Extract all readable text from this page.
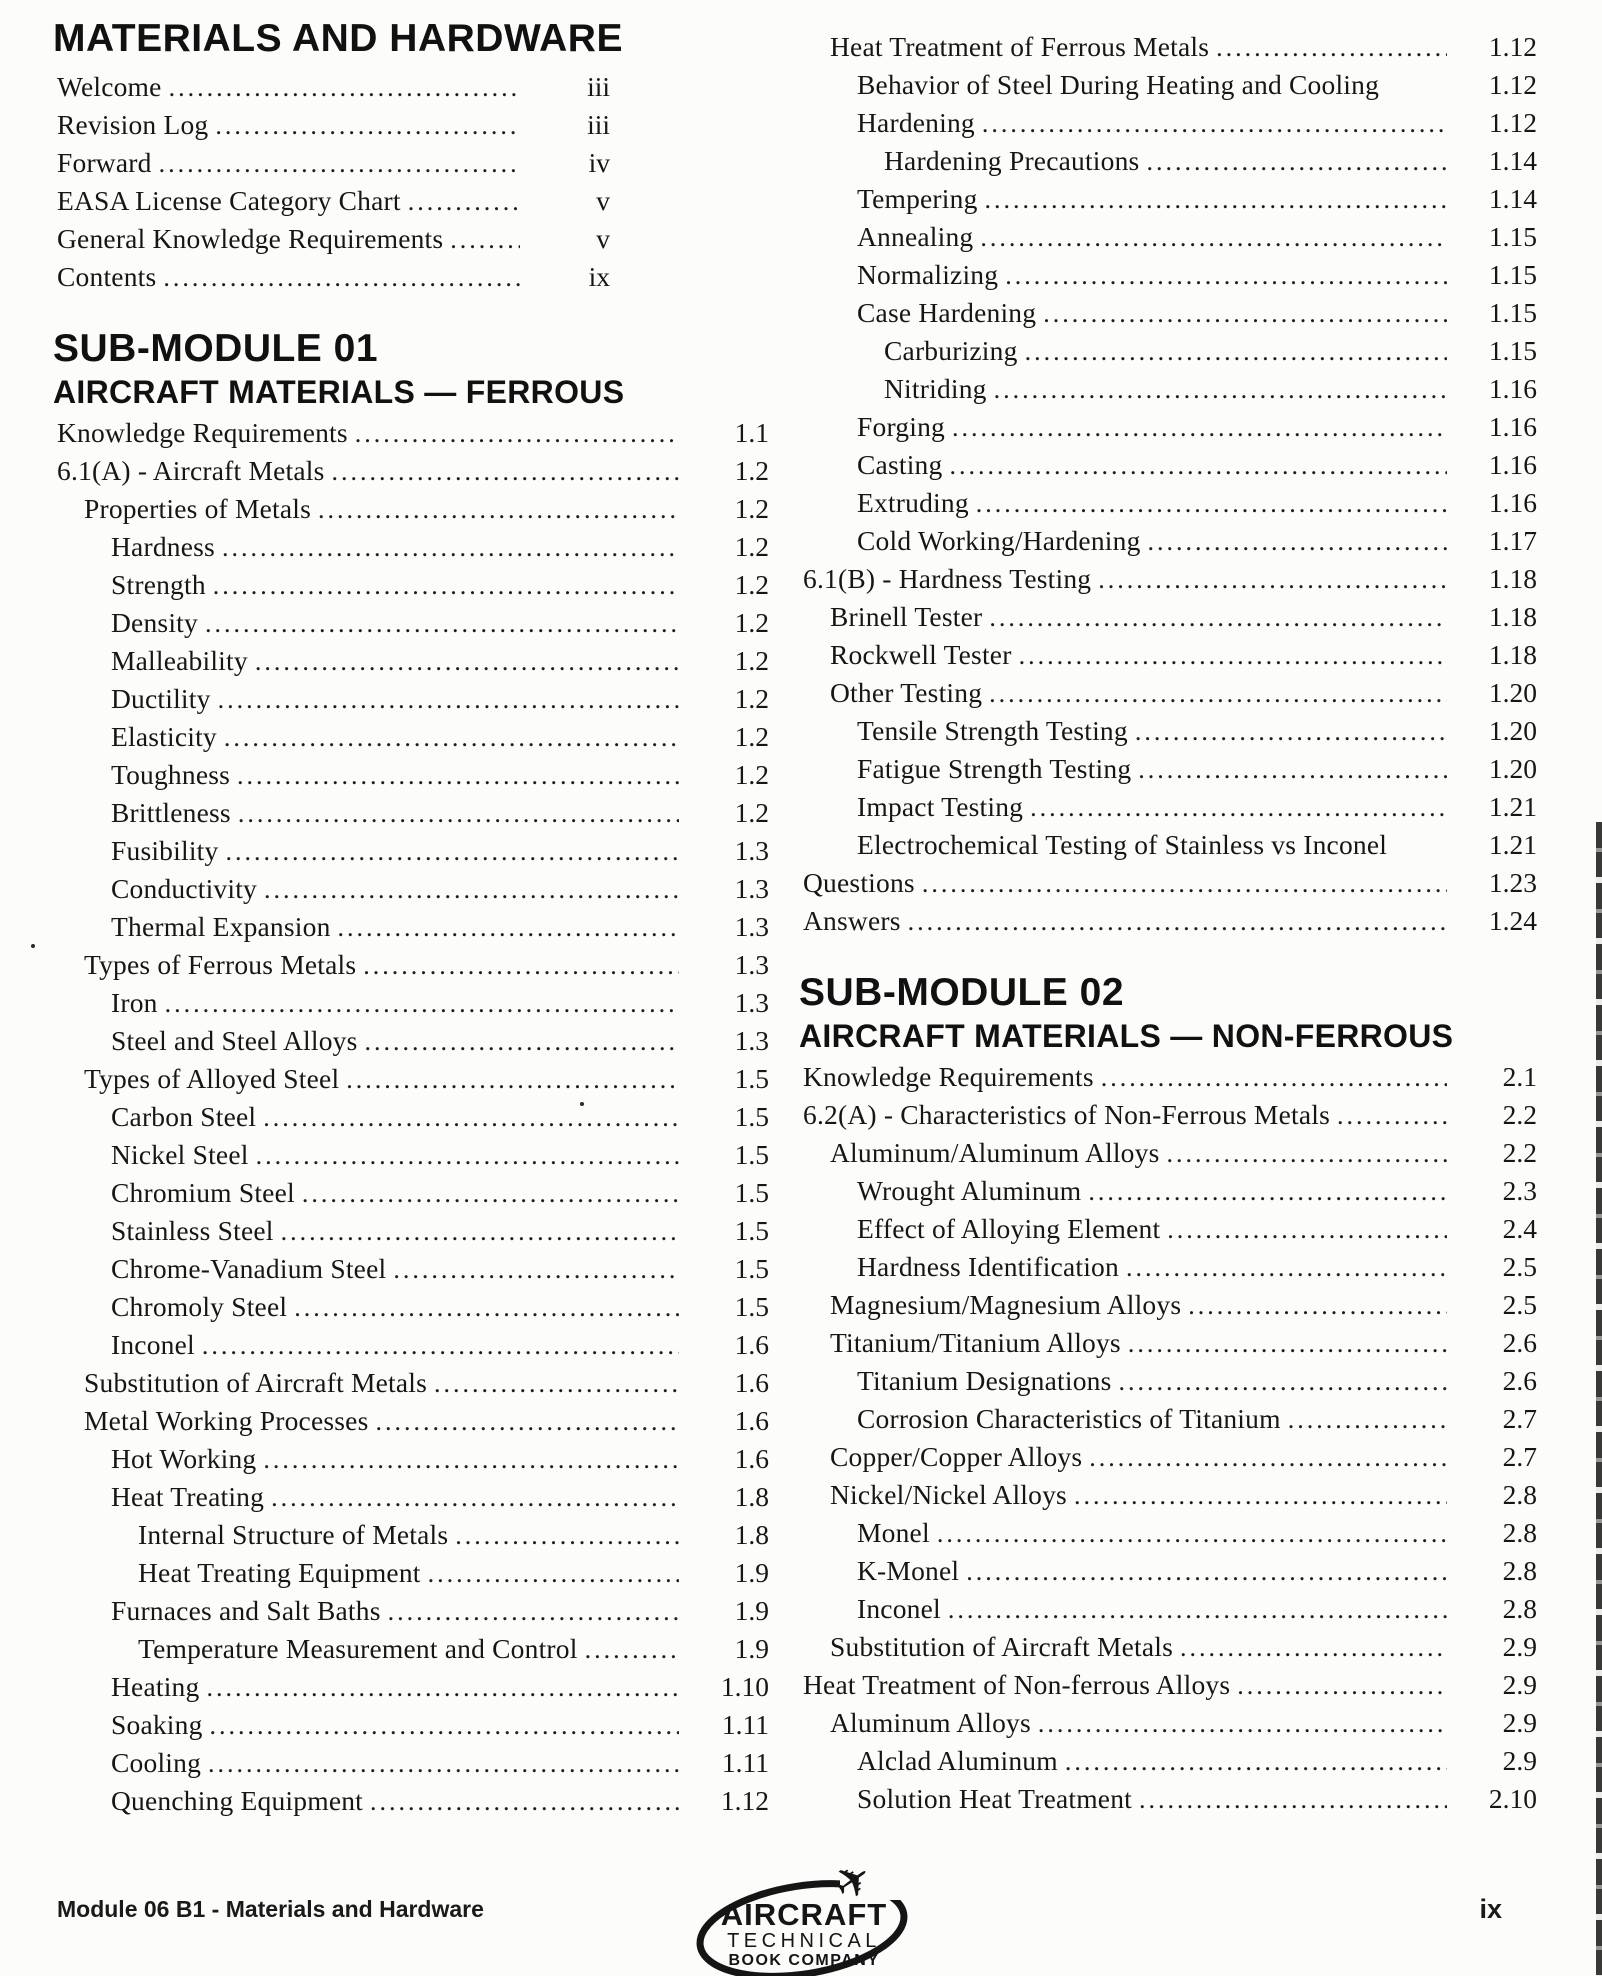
MATERIALS AND HARDWARE
Welcome .....	iii
Revision Log .....	iii
Forward .....	iv
EASA License Category Chart .....	v
General Knowledge Requirements .....	v
Contents .....	ix
SUB-MODULE 01
AIRCRAFT MATERIALS — FERROUS
Knowledge Requirements .....	1.1
6.1(A) - Aircraft Metals .....	1.2
Properties of Metals .....	1.2
Hardness .....	1.2
Strength .....	1.2
Density .....	1.2
Malleability .....	1.2
Ductility .....	1.2
Elasticity .....	1.2
Toughness .....	1.2
Brittleness .....	1.2
Fusibility .....	1.3
Conductivity .....	1.3
Thermal Expansion .....	1.3
Types of Ferrous Metals .....	1.3
Iron .....	1.3
Steel and Steel Alloys .....	1.3
Types of Alloyed Steel .....	1.5
Carbon Steel .....	1.5
Nickel Steel .....	1.5
Chromium Steel .....	1.5
Stainless Steel .....	1.5
Chrome-Vanadium Steel .....	1.5
Chromoly Steel .....	1.5
Inconel .....	1.6
Substitution of Aircraft Metals .....	1.6
Metal Working Processes .....	1.6
Hot Working .....	1.6
Heat Treating .....	1.8
Internal Structure of Metals .....	1.8
Heat Treating Equipment .....	1.9
Furnaces and Salt Baths .....	1.9
Temperature Measurement and Control .....	1.9
Heating .....	1.10
Soaking .....	1.11
Cooling .....	1.11
Quenching Equipment .....	1.12
Heat Treatment of Ferrous Metals .....	1.12
Behavior of Steel During Heating and Cooling	1.12
Hardening .....	1.12
Hardening Precautions .....	1.14
Tempering .....	1.14
Annealing .....	1.15
Normalizing .....	1.15
Case Hardening .....	1.15
Carburizing .....	1.15
Nitriding .....	1.16
Forging .....	1.16
Casting .....	1.16
Extruding .....	1.16
Cold Working/Hardening .....	1.17
6.1(B) - Hardness Testing .....	1.18
Brinell Tester .....	1.18
Rockwell Tester .....	1.18
Other Testing .....	1.20
Tensile Strength Testing .....	1.20
Fatigue Strength Testing .....	1.20
Impact Testing .....	1.21
Electrochemical Testing of Stainless vs Inconel	1.21
Questions .....	1.23
Answers .....	1.24
SUB-MODULE 02
AIRCRAFT MATERIALS — NON-FERROUS
Knowledge Requirements .....	2.1
6.2(A) - Characteristics of Non-Ferrous Metals .....	2.2
Aluminum/Aluminum Alloys .....	2.2
Wrought Aluminum .....	2.3
Effect of Alloying Element .....	2.4
Hardness Identification .....	2.5
Magnesium/Magnesium Alloys .....	2.5
Titanium/Titanium Alloys .....	2.6
Titanium Designations .....	2.6
Corrosion Characteristics of Titanium .....	2.7
Copper/Copper Alloys .....	2.7
Nickel/Nickel Alloys .....	2.8
Monel .....	2.8
K-Monel .....	2.8
Inconel .....	2.8
Substitution of Aircraft Metals .....	2.9
Heat Treatment of Non-ferrous Alloys .....	2.9
Aluminum Alloys .....	2.9
Alclad Aluminum .....	2.9
Solution Heat Treatment .....	2.10
Module 06 B1 - Materials and Hardware	✈
AIRCRAFT
TECHNICAL
BOOK COMPANY
ix
